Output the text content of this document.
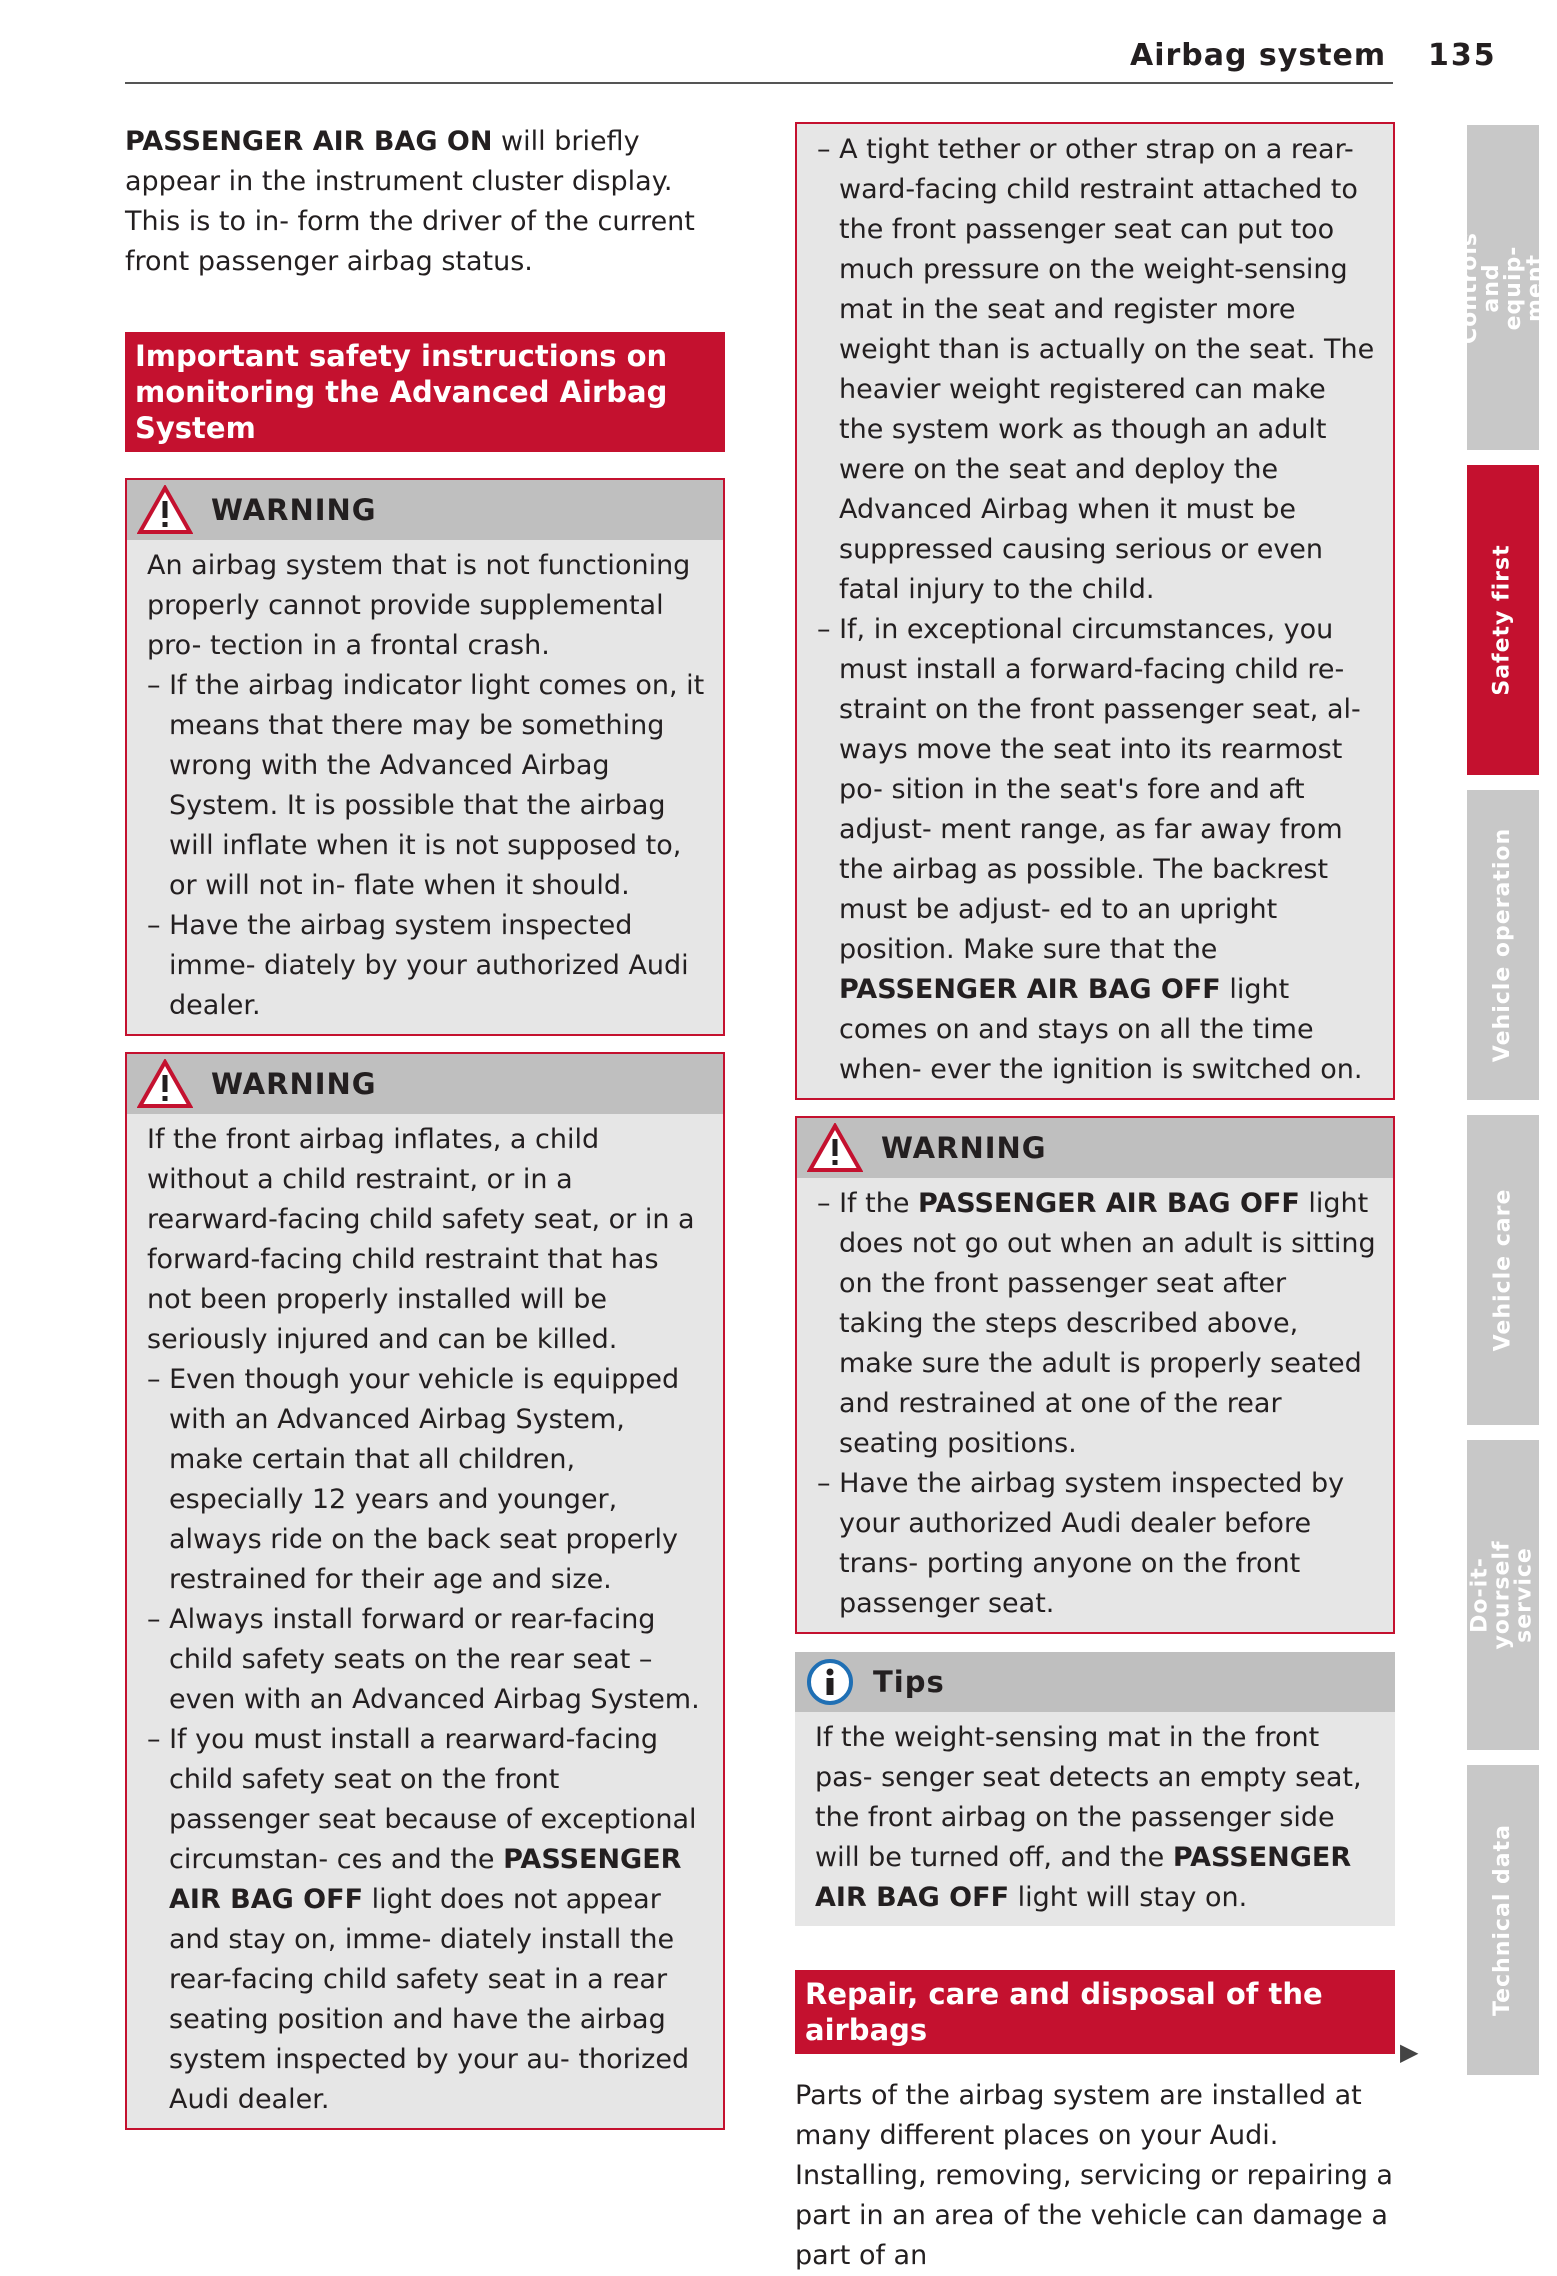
Airbag system 135

PASSENGER AIR BAG ON will briefly appear in the instrument cluster display. This is to in- form the driver of the current front passenger airbag status.

Important safety instructions on monitoring the Advanced Airbag System
WARNING

An airbag system that is not functioning properly cannot provide supplemental pro- tection in a frontal crash.

– If the airbag indicator light comes on, it means that there may be something wrong with the Advanced Airbag System. It is possible that the airbag will inflate when it is not supposed to, or will not in- flate when it should.

– Have the airbag system inspected imme- diately by your authorized Audi dealer.

WARNING

If the front airbag inflates, a child without a child restraint, or in a rearward-facing child safety seat, or in a forward-facing child restraint that has not been properly installed will be seriously injured and can be killed.

– Even though your vehicle is equipped with an Advanced Airbag System, make certain that all children, especially 12 years and younger, always ride on the back seat properly restrained for their age and size.

– Always install forward or rear-facing child safety seats on the rear seat – even with an Advanced Airbag System.

– If you must install a rearward-facing child safety seat on the front passenger seat because of exceptional circumstan- ces and the PASSENGER AIR BAG OFF light does not appear and stay on, imme- diately install the rear-facing child safety seat in a rear seating position and have the airbag system inspected by your au- thorized Audi dealer.

– A tight tether or other strap on a rear- ward-facing child restraint attached to the front passenger seat can put too much pressure on the weight-sensing mat in the seat and register more weight than is actually on the seat. The heavier weight registered can make the system work as though an adult were on the seat and deploy the Advanced Airbag when it must be suppressed causing serious or even fatal injury to the child.

– If, in exceptional circumstances, you must install a forward-facing child re- straint on the front passenger seat, al- ways move the seat into its rearmost po- sition in the seat's fore and aft adjust- ment range, as far away from the airbag as possible. The backrest must be adjust- ed to an upright position. Make sure that the PASSENGER AIR BAG OFF light comes on and stays on all the time when- ever the ignition is switched on.

WARNING

– If the PASSENGER AIR BAG OFF light does not go out when an adult is sitting on the front passenger seat after taking the steps described above, make sure the adult is properly seated and restrained at one of the rear seating positions.

– Have the airbag system inspected by your authorized Audi dealer before trans- porting anyone on the front passenger seat.

Tips

If the weight-sensing mat in the front pas- senger seat detects an empty seat, the front airbag on the passenger side will be turned off, and the PASSENGER AIR BAG OFF light will stay on.

Repair, care and disposal of the airbags

Parts of the airbag system are installed at many different places on your Audi. Installing, removing, servicing or repairing a part in an area of the vehicle can damage a part of an

▶
Controls and equip- ment
Safety first
Vehicle operation
Vehicle care
Do-it-yourself service
Technical data
